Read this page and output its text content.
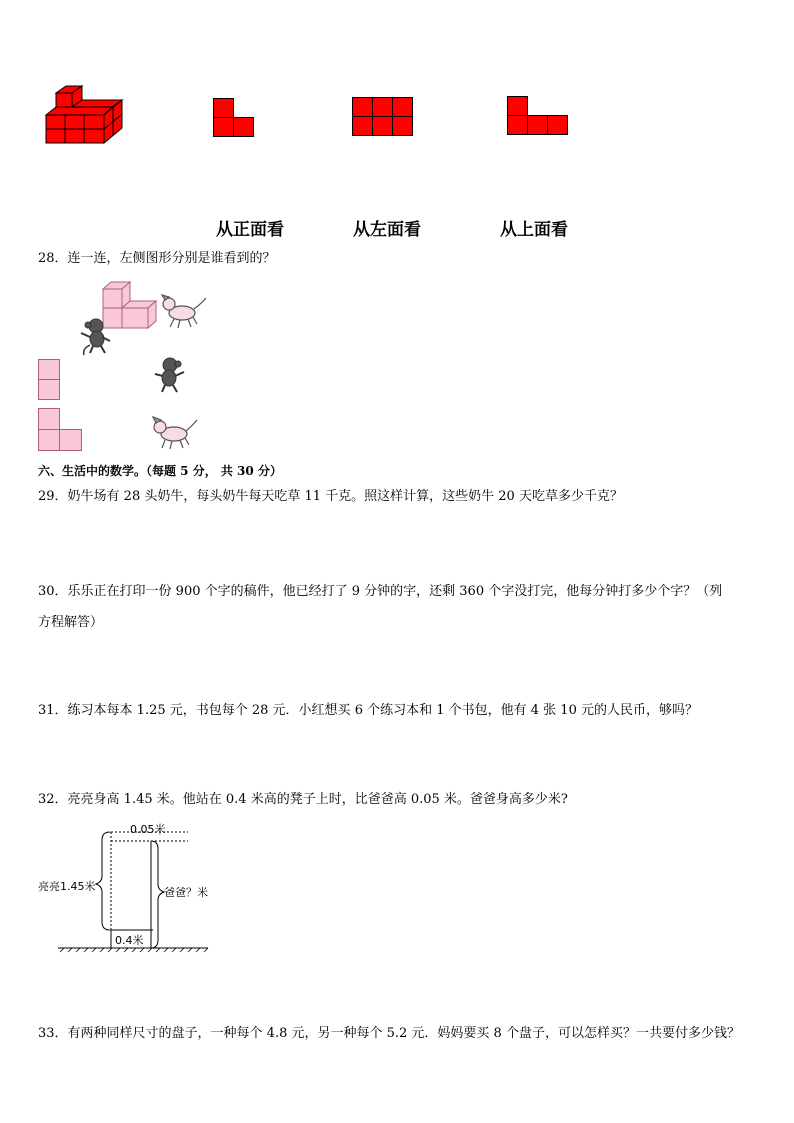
从正面看	从左面看	从上面看
28．连一连，左侧图形分别是谁看到的？
六、生活中的数学。（每题 5 分， 共 30 分）
29．奶牛场有 28 头奶牛，每头奶牛每天吃草 11 千克。照这样计算，这些奶牛 20 天吃草多少千克？
30．乐乐正在打印一份 900 个字的稿件，他已经打了 9 分钟的字，还剩 360 个字没打完，他每分钟打多少个字？（列
方程解答）
31．练习本每本 1.25 元，书包每个 28 元．小红想买 6 个练习本和 1 个书包，他有 4 张 10 元的人民币，够吗？
32．亮亮身高 1.45 米。他站在 0.4 米高的凳子上时，比爸爸高 0.05 米。爸爸身高多少米?
0.05米
亮亮1.45米	爸爸？米
0.4米
33．有两种同样尺寸的盘子，一种每个 4.8 元，另一种每个 5.2 元．妈妈要买 8 个盘子，可以怎样买？一共要付多少钱？
